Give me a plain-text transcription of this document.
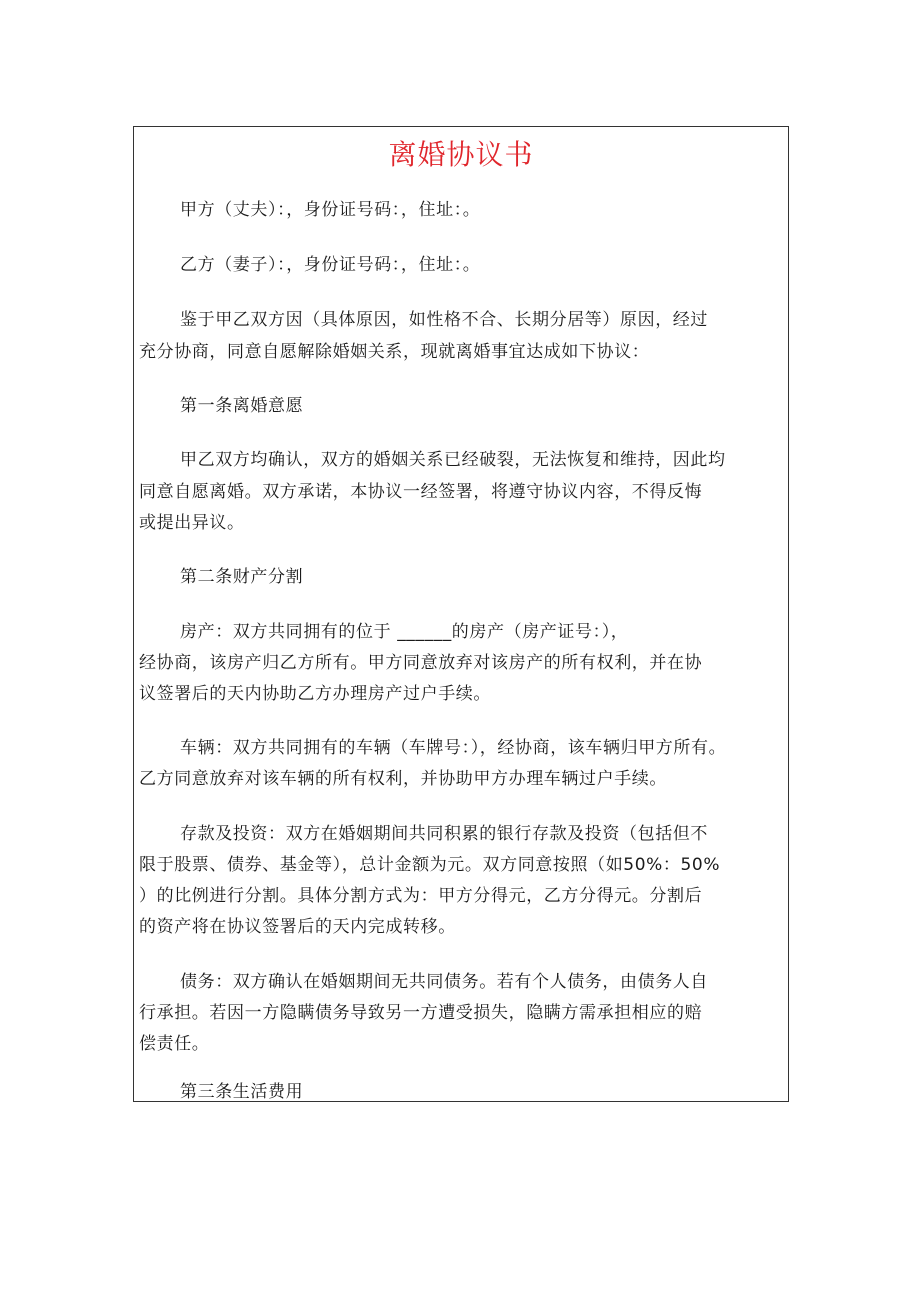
离婚协议书
甲方（丈夫）：，身份证号码：，住址：。
乙方（妻子）：，身份证号码：，住址：。
鉴于甲乙双方因（具体原因，如性格不合、长期分居等）原因，经过
充分协商，同意自愿解除婚姻关系，现就离婚事宜达成如下协议：
第一条离婚意愿
甲乙双方均确认，双方的婚姻关系已经破裂，无法恢复和维持，因此均
同意自愿离婚。双方承诺，本协议一经签署，将遵守协议内容，不得反悔
或提出异议。
第二条财产分割
房产：双方共同拥有的位于 ______的房产（房产证号：），
经协商，该房产归乙方所有。甲方同意放弃对该房产的所有权利，并在协
议签署后的天内协助乙方办理房产过户手续。
车辆：双方共同拥有的车辆（车牌号：），经协商，该车辆归甲方所有。
乙方同意放弃对该车辆的所有权利，并协助甲方办理车辆过户手续。
存款及投资：双方在婚姻期间共同积累的银行存款及投资（包括但不
限于股票、债券、基金等），总计金额为元。双方同意按照（如50%：50%
）的比例进行分割。具体分割方式为：甲方分得元，乙方分得元。分割后
的资产将在协议签署后的天内完成转移。
债务：双方确认在婚姻期间无共同债务。若有个人债务，由债务人自
行承担。若因一方隐瞒债务导致另一方遭受损失，隐瞒方需承担相应的赔
偿责任。
第三条生活费用
